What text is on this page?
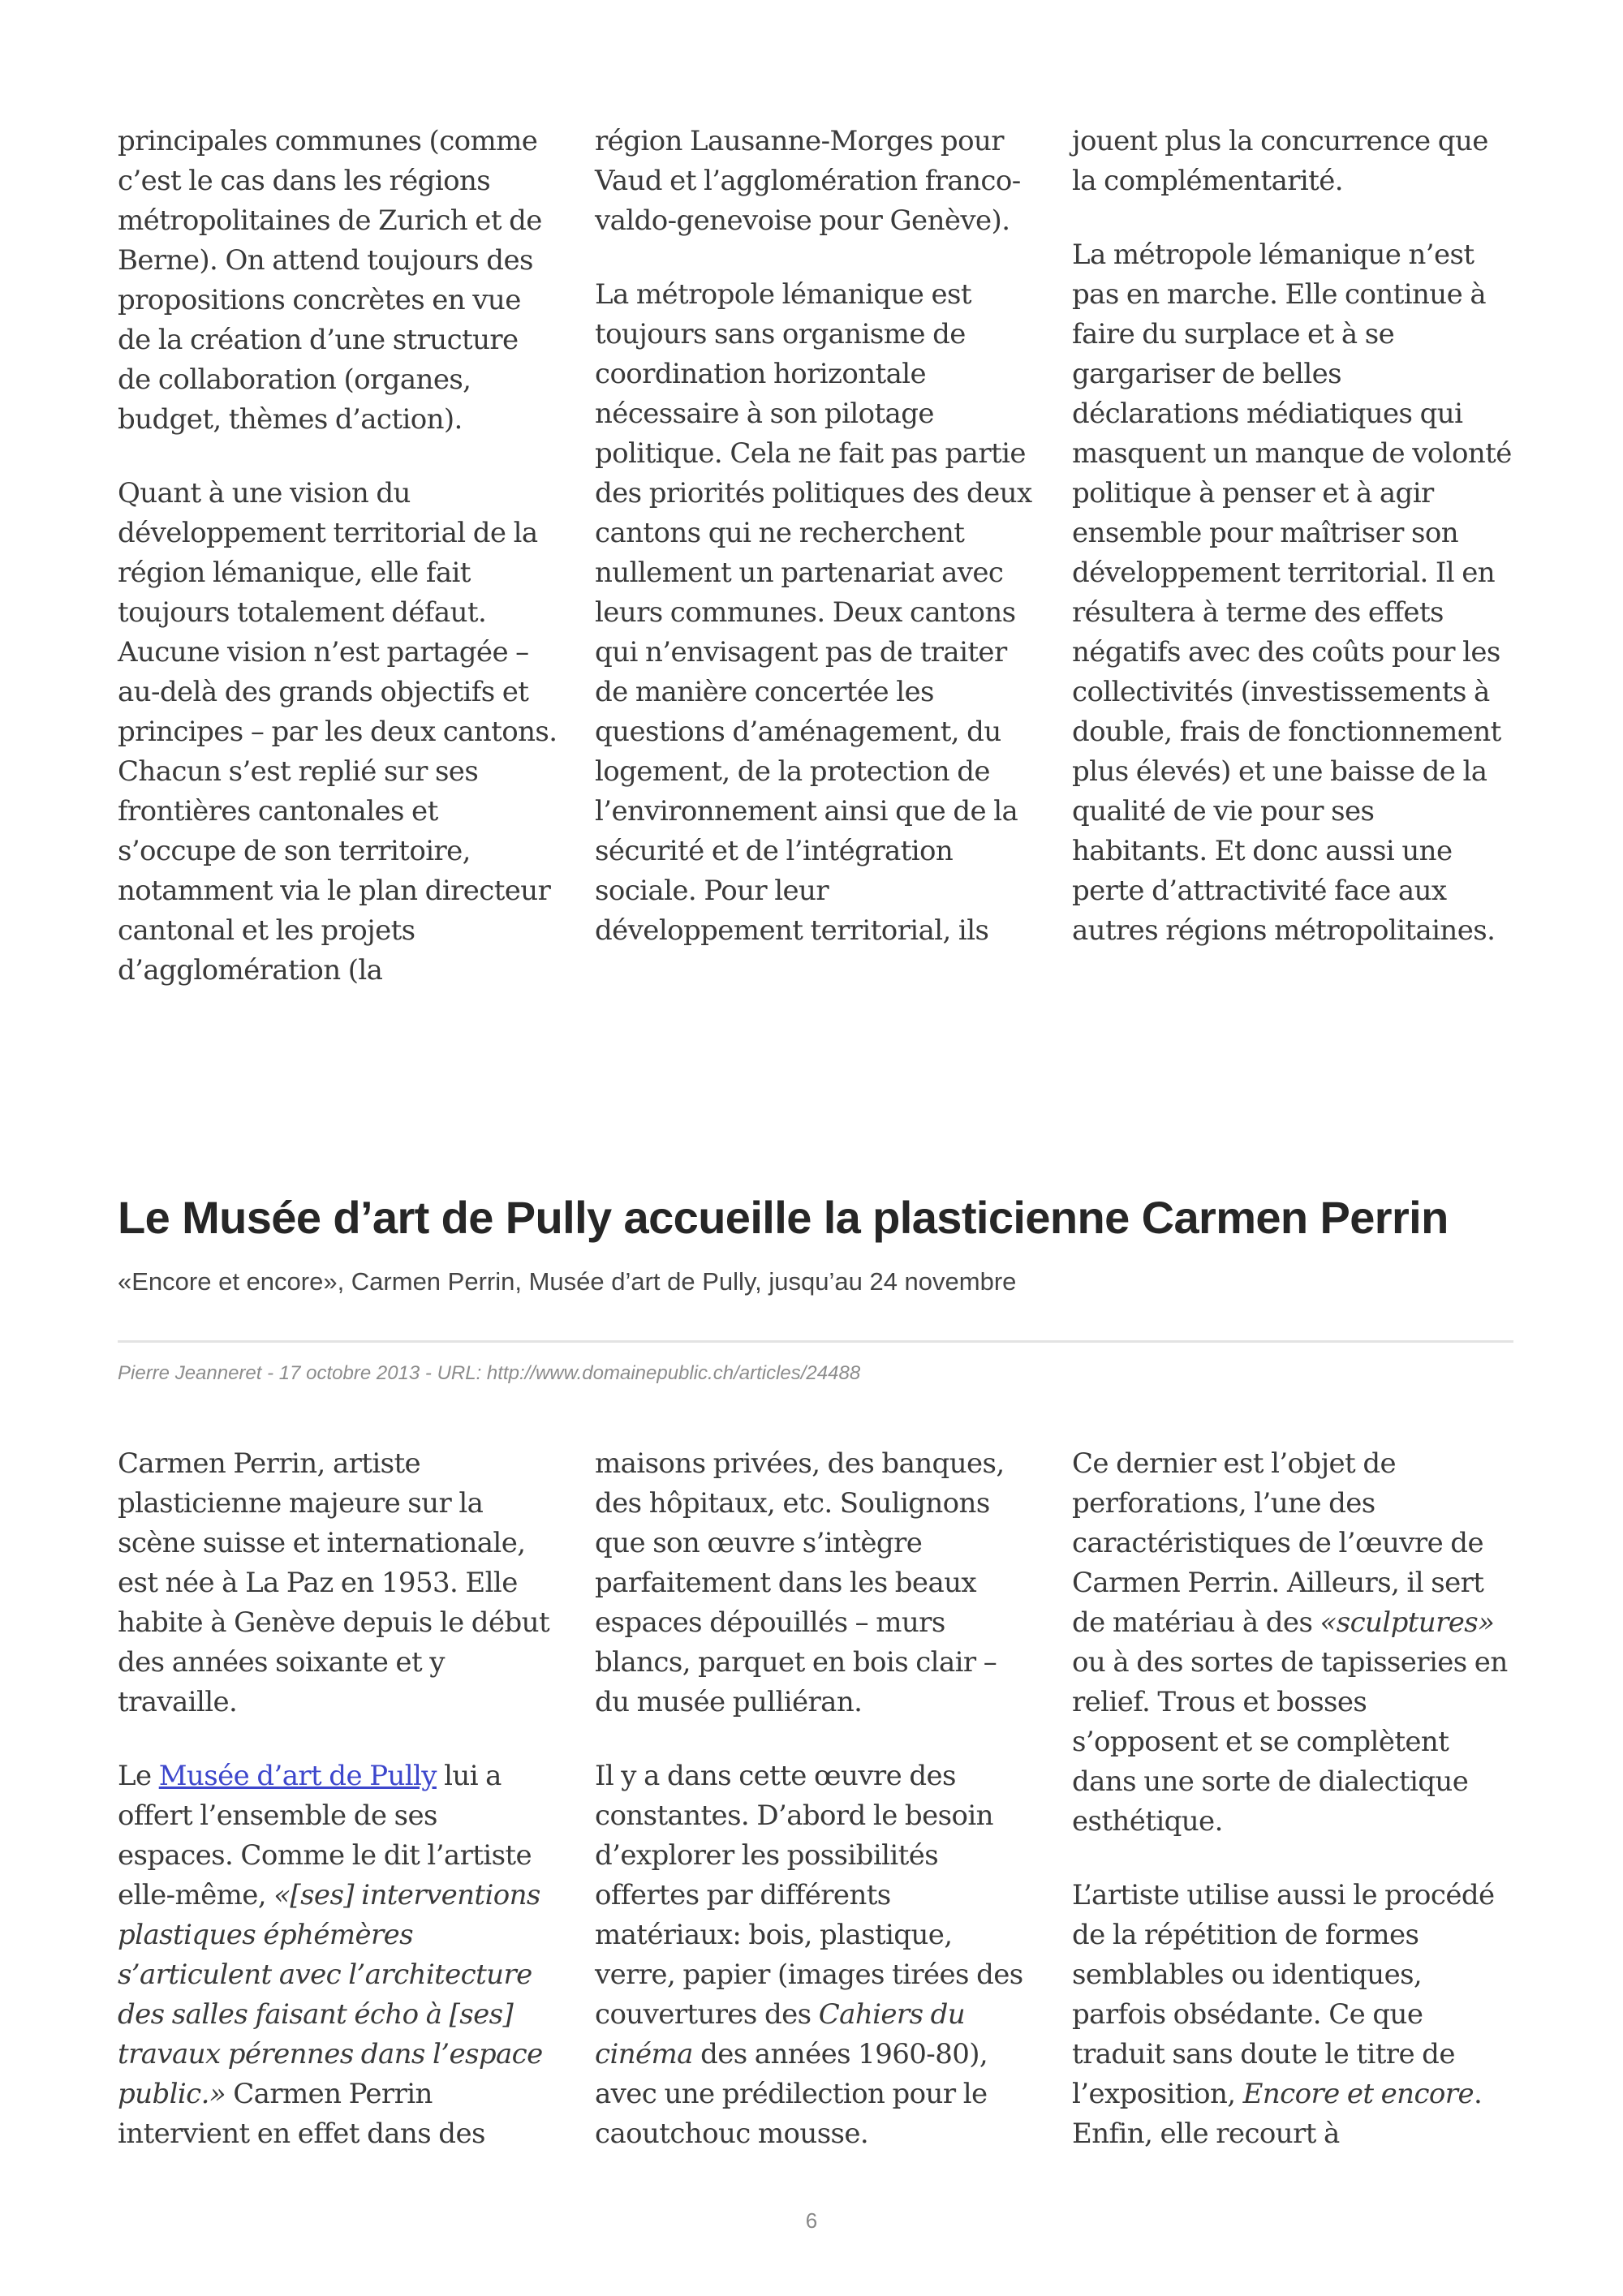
principales communes (comme c’est le cas dans les régions métropolitaines de Zurich et de Berne). On attend toujours des propositions concrètes en vue de la création d’une structure de collaboration (organes, budget, thèmes d’action).

Quant à une vision du développement territorial de la région lémanique, elle fait toujours totalement défaut. Aucune vision n’est partagée – au-delà des grands objectifs et principes – par les deux cantons. Chacun s’est replié sur ses frontières cantonales et s’occupe de son territoire, notamment via le plan directeur cantonal et les projets d’agglomération (la

région Lausanne-Morges pour Vaud et l’agglomération franco-valdo-genevoise pour Genève).

La métropole lémanique est toujours sans organisme de coordination horizontale nécessaire à son pilotage politique. Cela ne fait pas partie des priorités politiques des deux cantons qui ne recherchent nullement un partenariat avec leurs communes. Deux cantons qui n’envisagent pas de traiter de manière concertée les questions d’aménagement, du logement, de la protection de l’environnement ainsi que de la sécurité et de l’intégration sociale. Pour leur développement territorial, ils

jouent plus la concurrence que la complémentarité.

La métropole lémanique n’est pas en marche. Elle continue à faire du surplace et à se gargariser de belles déclarations médiatiques qui masquent un manque de volonté politique à penser et à agir ensemble pour maîtriser son développement territorial. Il en résultera à terme des effets négatifs avec des coûts pour les collectivités (investissements à double, frais de fonctionnement plus élevés) et une baisse de la qualité de vie pour ses habitants. Et donc aussi une perte d’attractivité face aux autres régions métropolitaines.

Le Musée d’art de Pully accueille la plasticienne Carmen Perrin

«Encore et encore», Carmen Perrin, Musée d’art de Pully, jusqu’au 24 novembre

Pierre Jeanneret - 17 octobre 2013 - URL: http://www.domainepublic.ch/articles/24488

Carmen Perrin, artiste plasticienne majeure sur la scène suisse et internationale, est née à La Paz en 1953. Elle habite à Genève depuis le début des années soixante et y travaille.

Le Musée d’art de Pully lui a offert l’ensemble de ses espaces. Comme le dit l’artiste elle-même, «[ses] interventions plastiques éphémères s’articulent avec l’architecture des salles faisant écho à [ses] travaux pérennes dans l’espace public.» Carmen Perrin intervient en effet dans des

maisons privées, des banques, des hôpitaux, etc. Soulignons que son œuvre s’intègre parfaitement dans les beaux espaces dépouillés – murs blancs, parquet en bois clair – du musée pulliéran.

Il y a dans cette œuvre des constantes. D’abord le besoin d’explorer les possibilités offertes par différents matériaux: bois, plastique, verre, papier (images tirées des couvertures des Cahiers du cinéma des années 1960-80), avec une prédilection pour le caoutchouc mousse.

Ce dernier est l’objet de perforations, l’une des caractéristiques de l’œuvre de Carmen Perrin. Ailleurs, il sert de matériau à des «sculptures» ou à des sortes de tapisseries en relief. Trous et bosses s’opposent et se complètent dans une sorte de dialectique esthétique.

L’artiste utilise aussi le procédé de la répétition de formes semblables ou identiques, parfois obsédante. Ce que traduit sans doute le titre de l’exposition, Encore et encore. Enfin, elle recourt à

6
